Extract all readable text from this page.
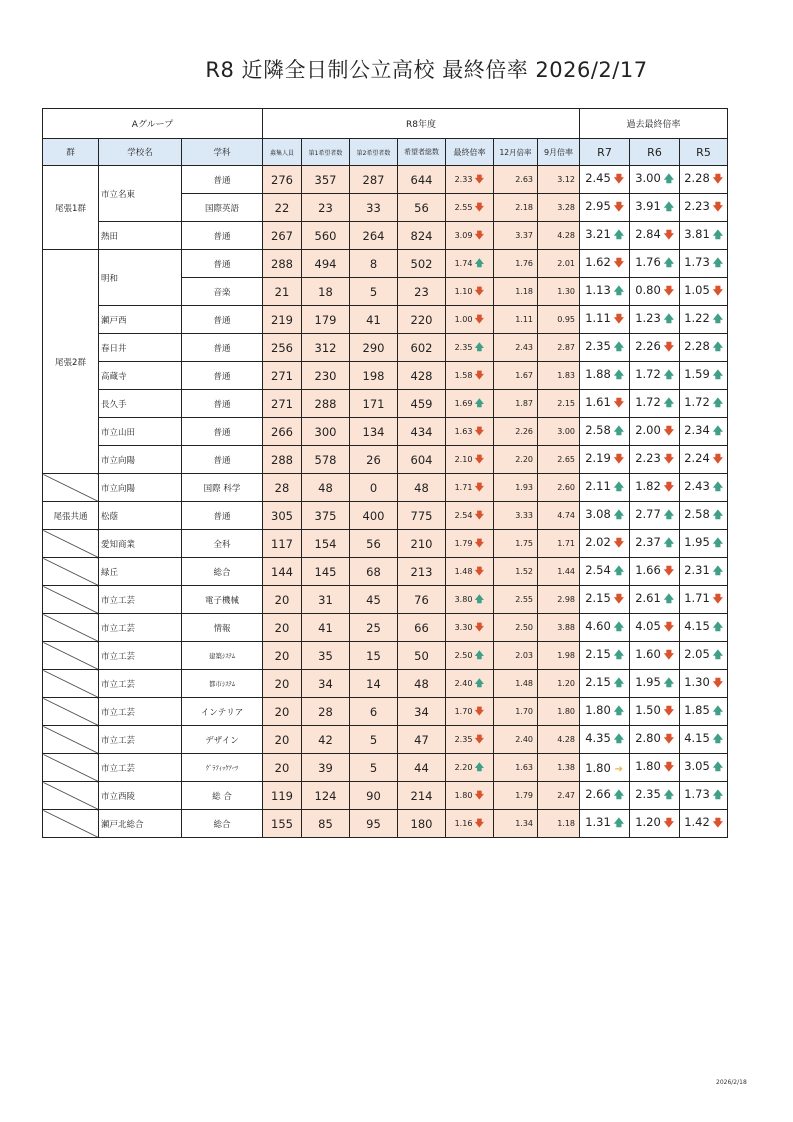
R8 近隣全日制公立高校 最終倍率 2026/2/17
Aグループ			R8年度							過去最終倍率		
群	学校名	学科	募集人員	第1希望者数	第2希望者数	希望者総数	最終倍率	12月倍率	9月倍率	R7	R6	R5
尾張1群	市立名東	普通	276	357	287	644	2.33 🡇	2.63	3.12	2.45 🡇	3.00 🡅	2.28 🡇
		国際英語	22	23	33	56	2.55 🡇	2.18	3.28	2.95 🡇	3.91 🡅	2.23 🡇
	熱田	普通	267	560	264	824	3.09 🡇	3.37	4.28	3.21 🡅	2.84 🡇	3.81 🡅
尾張2群	明和	普通	288	494	8	502	1.74 🡅	1.76	2.01	1.62 🡇	1.76 🡅	1.73 🡅
		音楽	21	18	5	23	1.10 🡇	1.18	1.30	1.13 🡅	0.80 🡇	1.05 🡇
	瀬戸西	普通	219	179	41	220	1.00 🡇	1.11	0.95	1.11 🡇	1.23 🡅	1.22 🡅
	春日井	普通	256	312	290	602	2.35 🡅	2.43	2.87	2.35 🡅	2.26 🡇	2.28 🡅
	高蔵寺	普通	271	230	198	428	1.58 🡇	1.67	1.83	1.88 🡅	1.72 🡅	1.59 🡅
	長久手	普通	271	288	171	459	1.69 🡅	1.87	2.15	1.61 🡇	1.72 🡅	1.72 🡅
	市立山田	普通	266	300	134	434	1.63 🡇	2.26	3.00	2.58 🡅	2.00 🡇	2.34 🡅
	市立向陽	普通	288	578	26	604	2.10 🡇	2.20	2.65	2.19 🡇	2.23 🡇	2.24 🡇
	市立向陽	国際 科学	28	48	0	48	1.71 🡇	1.93	2.60	2.11 🡅	1.82 🡇	2.43 🡅
尾張共通	松蔭	普通	305	375	400	775	2.54 🡇	3.33	4.74	3.08 🡅	2.77 🡅	2.58 🡅
	愛知商業	全科	117	154	56	210	1.79 🡇	1.75	1.71	2.02 🡇	2.37 🡅	1.95 🡅
	緑丘	総合	144	145	68	213	1.48 🡇	1.52	1.44	2.54 🡅	1.66 🡇	2.31 🡅
	市立工芸	電子機械	20	31	45	76	3.80 🡅	2.55	2.98	2.15 🡇	2.61 🡅	1.71 🡇
	市立工芸	情報	20	41	25	66	3.30 🡇	2.50	3.88	4.60 🡅	4.05 🡇	4.15 🡅
	市立工芸	建築ｼｽﾃﾑ	20	35	15	50	2.50 🡅	2.03	1.98	2.15 🡅	1.60 🡇	2.05 🡅
	市立工芸	都市ｼｽﾃﾑ	20	34	14	48	2.40 🡅	1.48	1.20	2.15 🡅	1.95 🡅	1.30 🡇
	市立工芸	インテリア	20	28	6	34	1.70 🡇	1.70	1.80	1.80 🡅	1.50 🡇	1.85 🡅
	市立工芸	デザイン	20	42	5	47	2.35 🡇	2.40	4.28	4.35 🡅	2.80 🡇	4.15 🡅
	市立工芸	ｸﾞﾗﾌｨｯｸｱｰﾂ	20	39	5	44	2.20 🡅	1.63	1.38	1.80 ➔	1.80 🡇	3.05 🡅
	市立西陵	総 合	119	124	90	214	1.80 🡇	1.79	2.47	2.66 🡅	2.35 🡅	1.73 🡅
	瀬戸北総合	総合	155	85	95	180	1.16 🡇	1.34	1.18	1.31 🡅	1.20 🡇	1.42 🡇
2026/2/18
